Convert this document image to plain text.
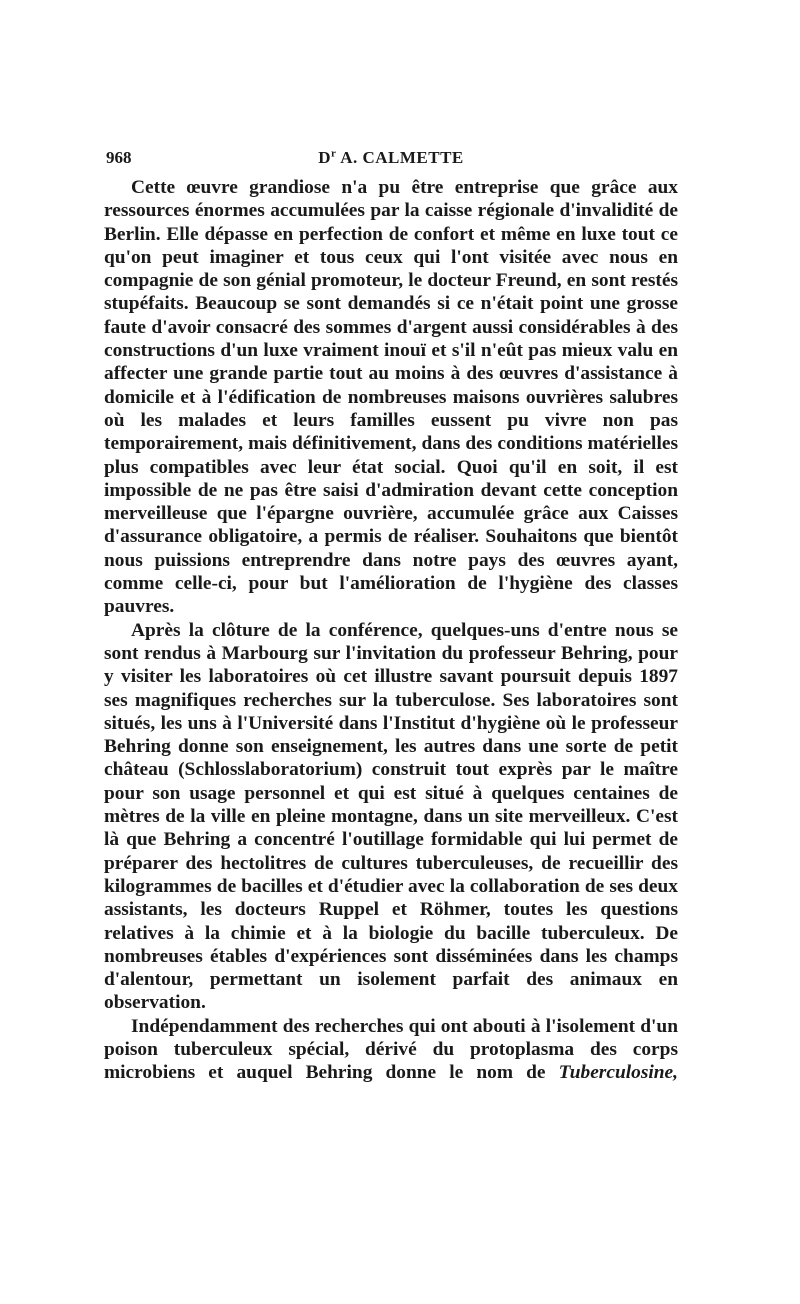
968	$D^r$ A. CALMETTE

Cette œuvre grandiose n'a pu être entreprise que grâce aux ressources énormes accumulées par la caisse régionale d'invalidité de Berlin. Elle dépasse en perfection de confort et même en luxe tout ce qu'on peut imaginer et tous ceux qui l'ont visitée avec nous en compagnie de son génial promoteur, le docteur Freund, en sont restés stupéfaits. Beaucoup se sont demandés si ce n'était point une grosse faute d'avoir consacré des sommes d'argent aussi considérables à des constructions d'un luxe vraiment inouï et s'il n'eût pas mieux valu en affecter une grande partie tout au moins à des œuvres d'assistance à domicile et à l'édification de nombreuses maisons ouvrières salubres où les malades et leurs familles eussent pu vivre non pas temporairement, mais définitivement, dans des conditions matérielles plus compatibles avec leur état social. Quoi qu'il en soit, il est impossible de ne pas être saisi d'admiration devant cette conception merveilleuse que l'épargne ouvrière, accumulée grâce aux Caisses d'assurance obligatoire, a permis de réaliser. Souhaitons que bientôt nous puissions entreprendre dans notre pays des œuvres ayant, comme celle-ci, pour but l'amélioration de l'hygiène des classes pauvres.

Après la clôture de la conférence, quelques-uns d'entre nous se sont rendus à Marbourg sur l'invitation du professeur Behring, pour y visiter les laboratoires où cet illustre savant poursuit depuis 1897 ses magnifiques recherches sur la tuberculose. Ses laboratoires sont situés, les uns à l'Université dans l'Institut d'hygiène où le professeur Behring donne son enseignement, les autres dans une sorte de petit château (Schlosslaboratorium) construit tout exprès par le maître pour son usage personnel et qui est situé à quelques centaines de mètres de la ville en pleine montagne, dans un site merveilleux. C'est là que Behring a concentré l'outillage formidable qui lui permet de préparer des hectolitres de cultures tuberculeuses, de recueillir des kilogrammes de bacilles et d'étudier avec la collaboration de ses deux assistants, les docteurs Ruppel et Röhmer, toutes les questions relatives à la chimie et à la biologie du bacille tuberculeux. De nombreuses étables d'expériences sont disséminées dans les champs d'alentour, permettant un isolement parfait des animaux en observation.

Indépendamment des recherches qui ont abouti à l'isolement d'un poison tuberculeux spécial, dérivé du protoplasma des corps microbiens et auquel Behring donne le nom de Tuberculosine,
